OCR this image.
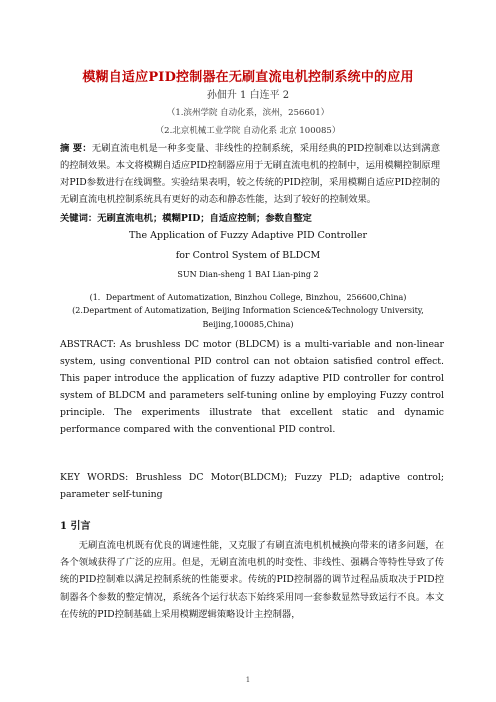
模糊自适应PID控制器在无刷直流电机控制系统中的应用
孙佃升 1 白连平 2
（1.滨州学院 自动化系，滨州，256601）
（2.北京机械工业学院 自动化系 北京 100085）
摘 要：无刷直流电机是一种多变量、非线性的控制系统，采用经典的PID控制难以达到满意的控制效果。本文将模糊自适应PID控制器应用于无刷直流电机的控制中，运用模糊控制原理对PID参数进行在线调整。实验结果表明，较之传统的PID控制，采用模糊自适应PID控制的无刷直流电机控制系统具有更好的动态和静态性能，达到了较好的控制效果。
关键词：无刷直流电机；模糊PID；自适应控制；参数自整定
The Application of Fuzzy Adaptive PID Controller
for Control System of BLDCM
SUN Dian-sheng 1 BAI Lian-ping 2
(1．Department of Automatization, Binzhou College, Binzhou，256600,China)
(2.Department of Automatization, Beijing Information Science&Technology University,
Beijing,100085,China)
ABSTRACT: As brushless DC motor (BLDCM) is a multi-variable and non-linear system, using conventional PID control can not obtaion satisfied control effect. This paper introduce the application of fuzzy adaptive PID controller for control system of BLDCM and parameters self-tuning online by employing Fuzzy control principle. The experiments illustrate that excellent static and dynamic performance compared with the conventional PID control.
KEY WORDS: Brushless DC Motor(BLDCM); Fuzzy PLD; adaptive control; parameter self-tuning
1 引言
无刷直流电机既有优良的调速性能，又克服了有刷直流电机机械换向带来的诸多问题，在各个领域获得了广泛的应用。但是，无刷直流电机的时变性、非线性、强耦合等特性导致了传统的PID控制难以满足控制系统的性能要求。传统的PID控制器的调节过程品质取决于PID控制器各个参数的整定情况，系统各个运行状态下始终采用同一套参数显然导致运行不良。本文在传统的PID控制基础上采用模糊逻辑策略设计主控制器，
1
